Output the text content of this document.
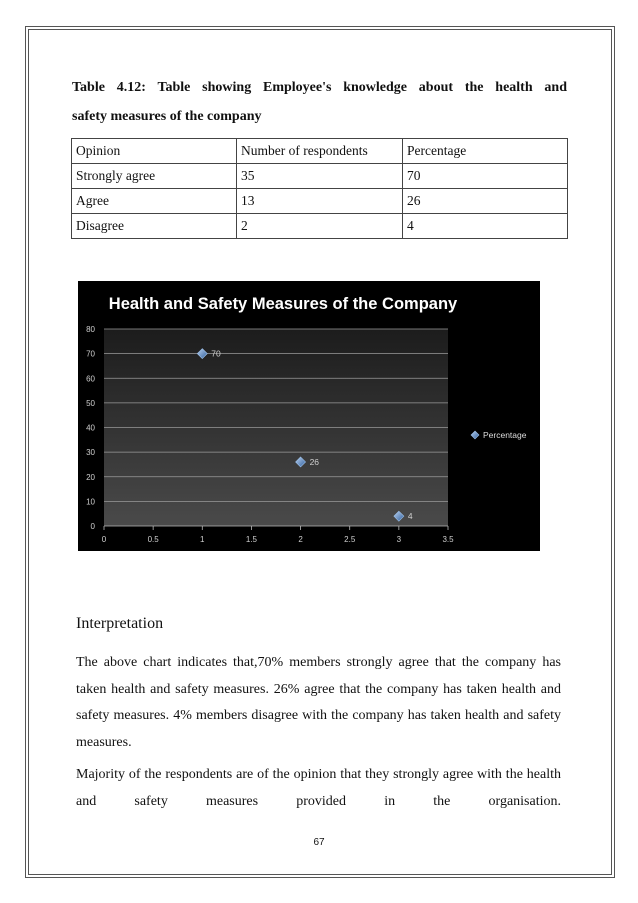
Table 4.12: Table showing Employee's knowledge about the health and
safety measures of the company
Opinion	Number of respondents	Percentage
Strongly agree	35	70
Agree	13	26
Disagree	2	4
Health and Safety Measures of the Company
0
10
20
30
40
50
60
70
80
0	0.5	1	1.5	2	2.5	3	3.5
70
26
4
Percentage
Interpretation
The above chart indicates that,70% members strongly agree that the company has taken health and safety measures. 26% agree that the company has taken health and safety measures. 4% members disagree with the company has taken health and safety measures.
Majority of the respondents are of the opinion that they strongly agree with the health and safety measures provided in the organisation.
67
